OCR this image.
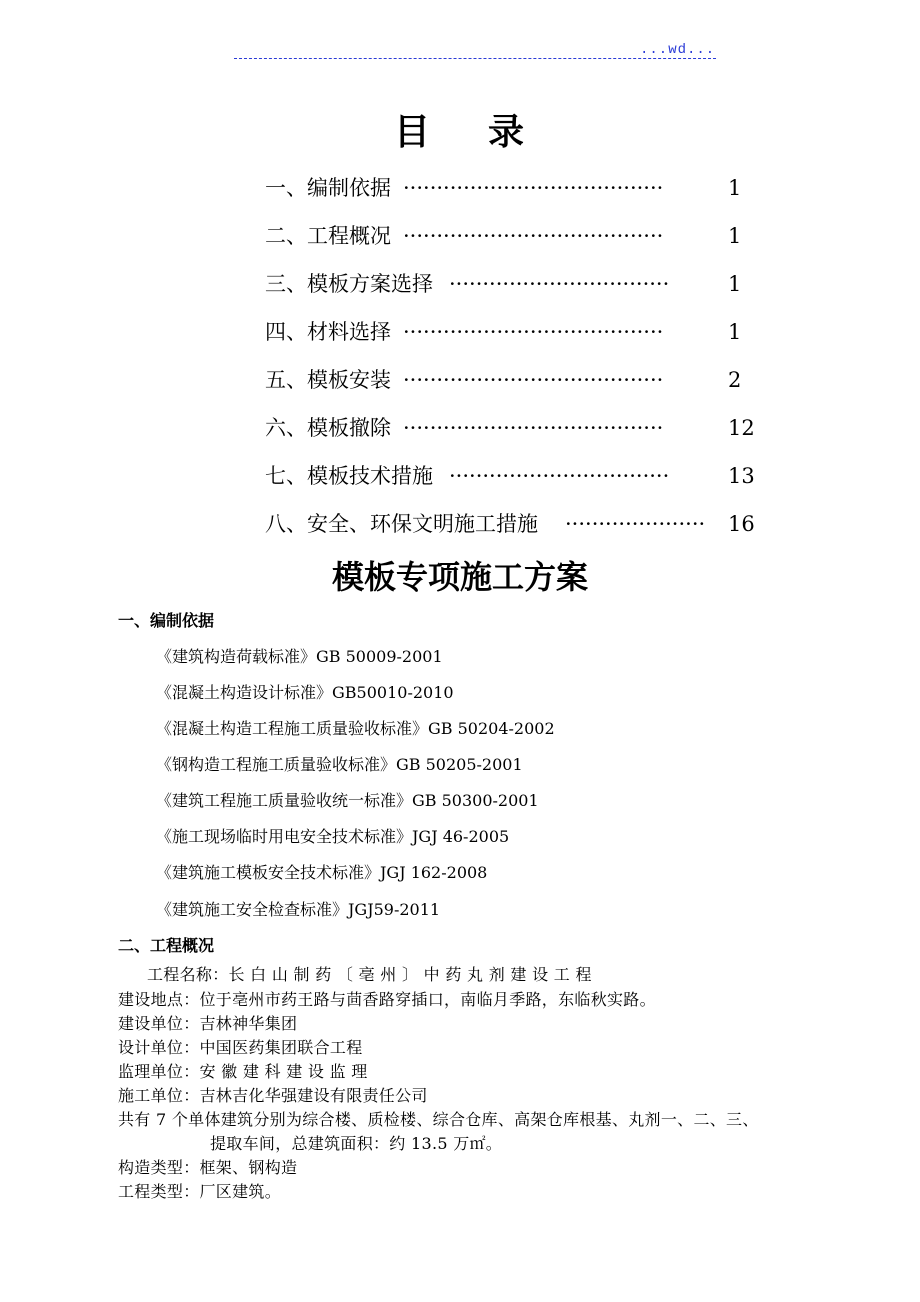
...wd...
目 录
一、编制依据 ·······································	1
二、工程概况 ·······································	1
三、模板方案选择 ·································	1
四、材料选择 ·······································	1
五、模板安装 ·······································	2
六、模板撤除 ·······································	12
七、模板技术措施 ·································	13
八、安全、环保文明施工措施 ····················· 16
模板专项施工方案
一、编制依据
《建筑构造荷载标准》GB 50009-2001
《混凝土构造设计标准》GB50010-2010
《混凝土构造工程施工质量验收标准》GB 50204-2002
《钢构造工程施工质量验收标准》GB 50205-2001
《建筑工程施工质量验收统一标准》GB 50300-2001
《施工现场临时用电安全技术标准》JGJ 46-2005
《建筑施工模板安全技术标准》JGJ 162-2008
《建筑施工安全检查标准》JGJ59-2011
二、工程概况
工程名称：长 白 山 制 药 〔 亳 州 〕 中 药 丸 剂 建 设 工 程
建设地点：位于亳州市药王路与茴香路穿插口，南临月季路，东临秋实路。
建设单位：吉林神华集团
设计单位：中国医药集团联合工程
监理单位：安 徽 建 科 建 设 监 理
施工单位：吉林吉化华强建设有限责任公司
共有 7 个单体建筑分别为综合楼、质检楼、综合仓库、高架仓库根基、丸剂一、二、三、
提取车间，总建筑面积：约 13.5 万㎡。
构造类型：框架、钢构造
工程类型：厂区建筑。
